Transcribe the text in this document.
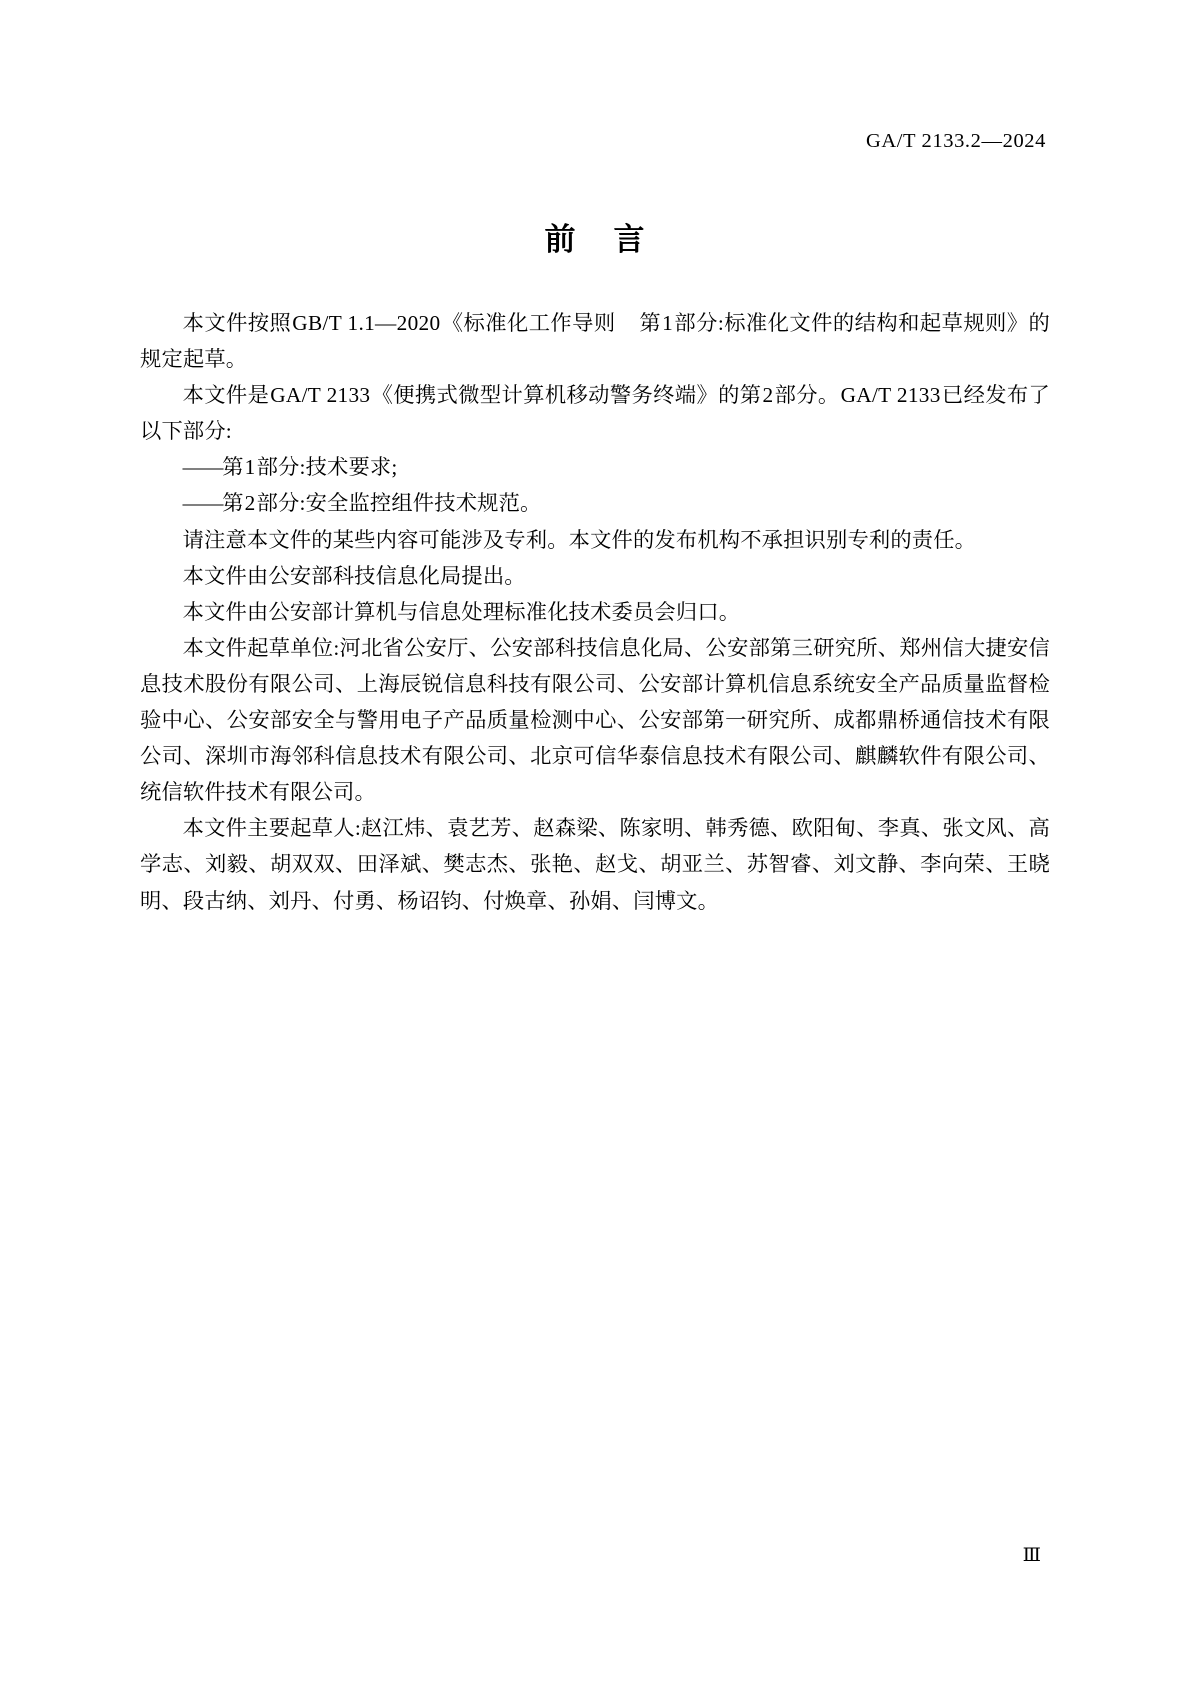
GA/T 2133.2—2024
前 言

本文件按照GB/T 1.1—2020《标准化工作导则 第1部分:标准化文件的结构和起草规则》的规定起草。

本文件是GA/T 2133《便携式微型计算机移动警务终端》的第2部分。GA/T 2133已经发布了以下部分:

——第1部分:技术要求;

——第2部分:安全监控组件技术规范。

请注意本文件的某些内容可能涉及专利。本文件的发布机构不承担识别专利的责任。

本文件由公安部科技信息化局提出。

本文件由公安部计算机与信息处理标准化技术委员会归口。

本文件起草单位:河北省公安厅、公安部科技信息化局、公安部第三研究所、郑州信大捷安信息技术股份有限公司、上海辰锐信息科技有限公司、公安部计算机信息系统安全产品质量监督检验中心、公安部安全与警用电子产品质量检测中心、公安部第一研究所、成都鼎桥通信技术有限公司、深圳市海邻科信息技术有限公司、北京可信华泰信息技术有限公司、麒麟软件有限公司、统信软件技术有限公司。

本文件主要起草人:赵江炜、袁艺芳、赵森梁、陈家明、韩秀德、欧阳甸、李真、张文风、高学志、刘毅、胡双双、田泽斌、樊志杰、张艳、赵戈、胡亚兰、苏智睿、刘文静、李向荣、王晓明、段古纳、刘丹、付勇、杨诏钧、付焕章、孙娟、闫博文。

Ⅲ
